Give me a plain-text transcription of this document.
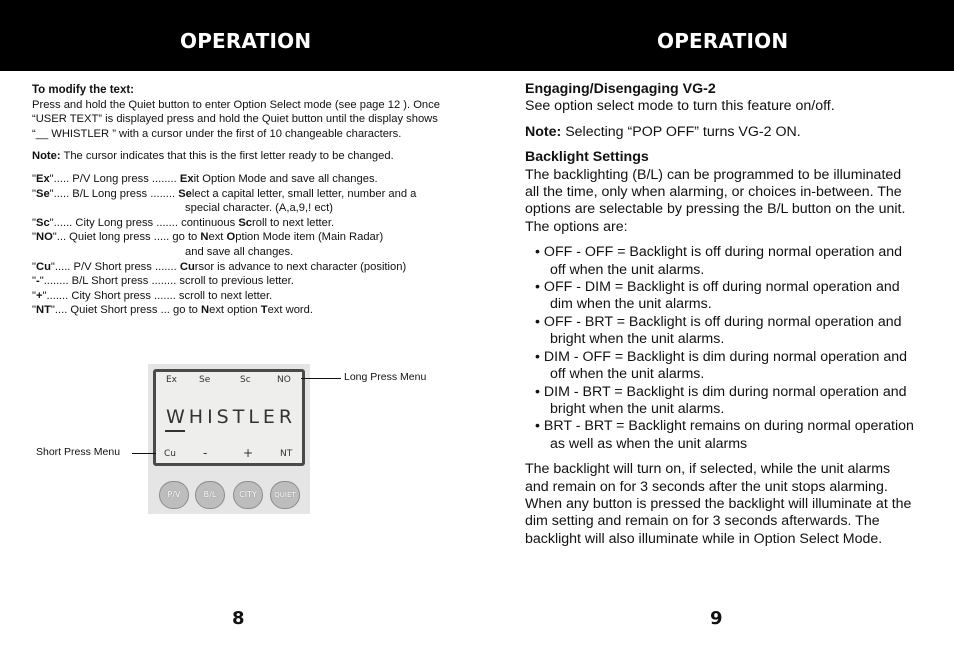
OPERATION	OPERATION

To modify the text:

Press and hold the Quiet button to enter Option Select mode (see page 12 ). Once “USER TEXT” is displayed press and hold the Quiet button until the display shows “__ WHISTLER ” with a cursor under the first of 10 changeable characters.

Note: The cursor indicates that this is the first letter ready to be changed.

"Ex"..... P/V Long press ........ Exit Option Mode and save all changes.

"Se"..... B/L Long press ........ Select a capital letter, small letter, number and a

special character. (A,a,9,! ect)

"Sc"...... City Long press ....... continuous Scroll to next letter.

"NO"... Quiet long press ..... go to Next Option Mode item (Main Radar)

and save all changes.

"Cu"..... P/V Short press ....... Cursor is advance to next character (position)

"-"........ B/L Short press ........ scroll to previous letter.

"+"....... City Short press ....... scroll to next letter.

"NT".... Quiet Short press ... go to Next option Text word.

Ex Se	Sc	NO
WHISTLER
Cu -	+	NT
P/V	B/L	CITY	QUIET
Long Press Menu
Short Press Menu

Engaging/Disengaging VG-2

See option select mode to turn this feature on/off.

Note: Selecting “POP OFF” turns VG-2 ON.

Backlight Settings

The backlighting (B/L) can be programmed to be illuminated all the time, only when alarming, or choices in-between. The options are selectable by pressing the B/L button on the unit. The options are:

• OFF - OFF = Backlight is off during normal operation and off when the unit alarms.
• OFF - DIM = Backlight is off during normal operation and dim when the unit alarms.
• OFF - BRT = Backlight is off during normal operation and bright when the unit alarms.
• DIM - OFF = Backlight is dim during normal operation and off when the unit alarms.
• DIM - BRT = Backlight is dim during normal operation and bright when the unit alarms.
• BRT - BRT = Backlight remains on during normal operation as well as when the unit alarms

The backlight will turn on, if selected, while the unit alarms and remain on for 3 seconds after the unit stops alarming. When any button is pressed the backlight will illuminate at the dim setting and remain on for 3 seconds afterwards. The backlight will also illuminate while in Option Select Mode.

8	9
